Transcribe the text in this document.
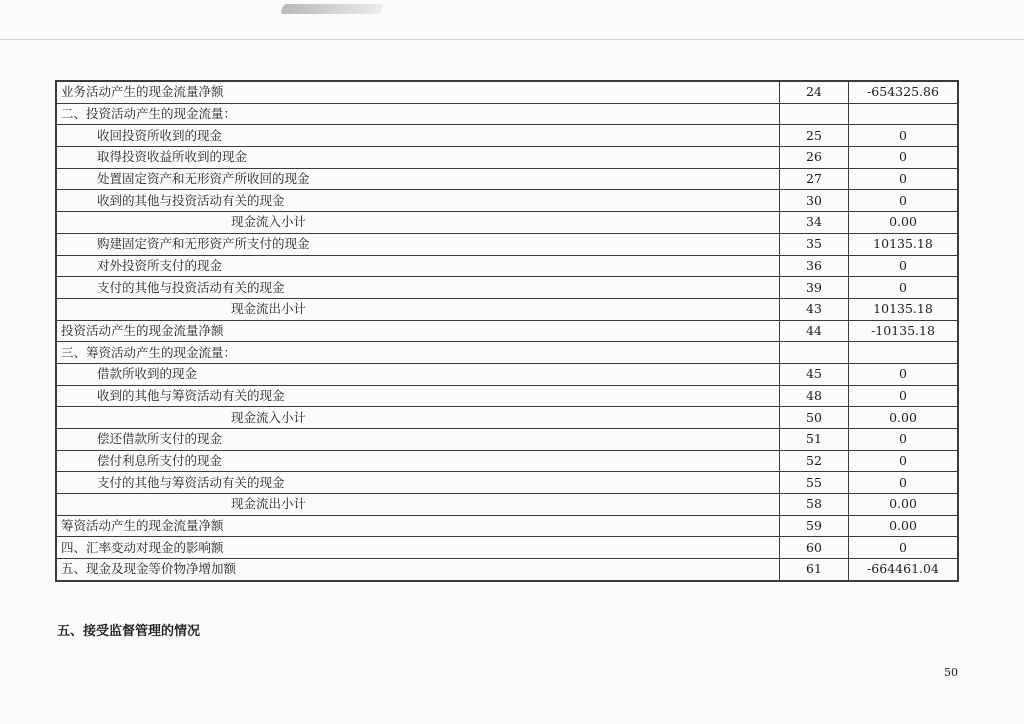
业务活动产生的现金流量净额	24	-654325.86
二、投资活动产生的现金流量：		
收回投资所收到的现金	25	0
取得投资收益所收到的现金	26	0
处置固定资产和无形资产所收回的现金	27	0
收到的其他与投资活动有关的现金	30	0
现金流入小计	34	0.00
购建固定资产和无形资产所支付的现金	35	10135.18
对外投资所支付的现金	36	0
支付的其他与投资活动有关的现金	39	0
现金流出小计	43	10135.18
投资活动产生的现金流量净额	44	-10135.18
三、筹资活动产生的现金流量：		
借款所收到的现金	45	0
收到的其他与筹资活动有关的现金	48	0
现金流入小计	50	0.00
偿还借款所支付的现金	51	0
偿付利息所支付的现金	52	0
支付的其他与筹资活动有关的现金	55	0
现金流出小计	58	0.00
筹资活动产生的现金流量净额	59	0.00
四、汇率变动对现金的影响额	60	0
五、现金及现金等价物净增加额	61	-664461.04
五、接受监督管理的情况
50
